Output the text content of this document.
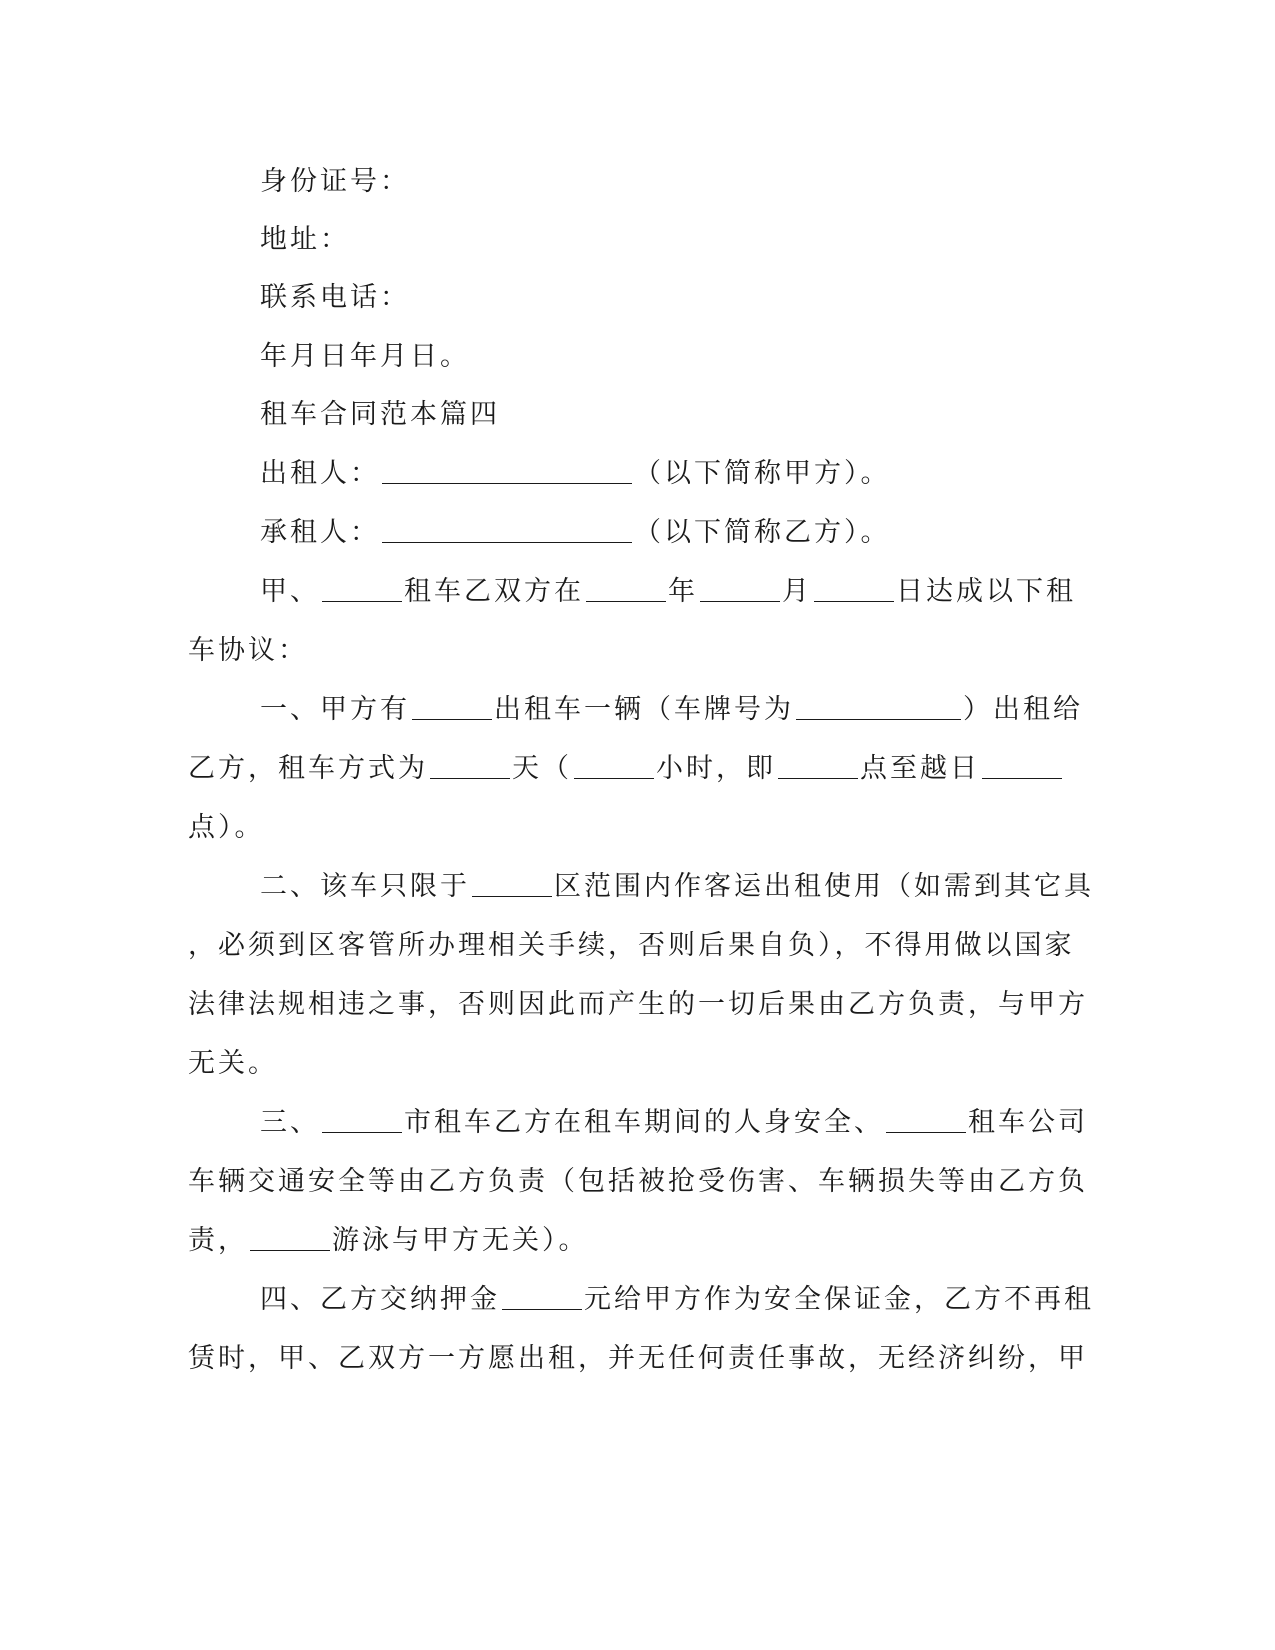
身份证号：
地址：
联系电话：
年月日年月日。
租车合同范本篇四
出租人：	（以下简称甲方）。
承租人：	（以下简称乙方）。
甲、	租车乙双方在	年	月	日达成以下租
车协议：
一、甲方有	出租车一辆（车牌号为	）出租给
乙方，租车方式为	天（	小时，即	点至越日
点）。
二、该车只限于	区范围内作客运出租使用（如需到其它具
，必须到区客管所办理相关手续，否则后果自负），不得用做以国家
法律法规相违之事，否则因此而产生的一切后果由乙方负责，与甲方
无关。
三、	市租车乙方在租车期间的人身安全、	租车公司
车辆交通安全等由乙方负责（包括被抢受伤害、车辆损失等由乙方负
责，	游泳与甲方无关）。
四、乙方交纳押金	元给甲方作为安全保证金，乙方不再租
赁时，甲、乙双方一方愿出租，并无任何责任事故，无经济纠纷，甲
